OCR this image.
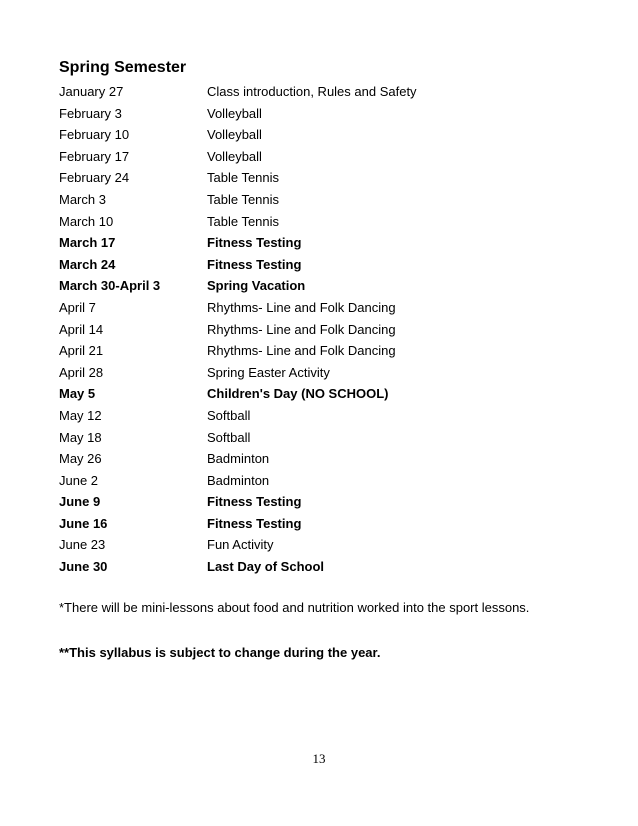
Spring Semester
January 27	Class introduction, Rules and Safety
February 3	Volleyball
February 10	Volleyball
February 17	Volleyball
February 24	Table Tennis
March 3	Table Tennis
March 10	Table Tennis
March 17	Fitness Testing
March 24	Fitness Testing
March 30-April 3	Spring Vacation
April 7	Rhythms- Line and Folk Dancing
April 14	Rhythms- Line and Folk Dancing
April 21	Rhythms- Line and Folk Dancing
April 28	Spring Easter Activity
May 5	Children's Day (NO SCHOOL)
May 12	Softball
May 18	Softball
May 26	Badminton
June 2	Badminton
June 9	Fitness Testing
June 16	Fitness Testing
June 23	Fun Activity
June 30	Last Day of School

*There will be mini-lessons about food and nutrition worked into the sport lessons.

**This syllabus is subject to change during the year.

13
